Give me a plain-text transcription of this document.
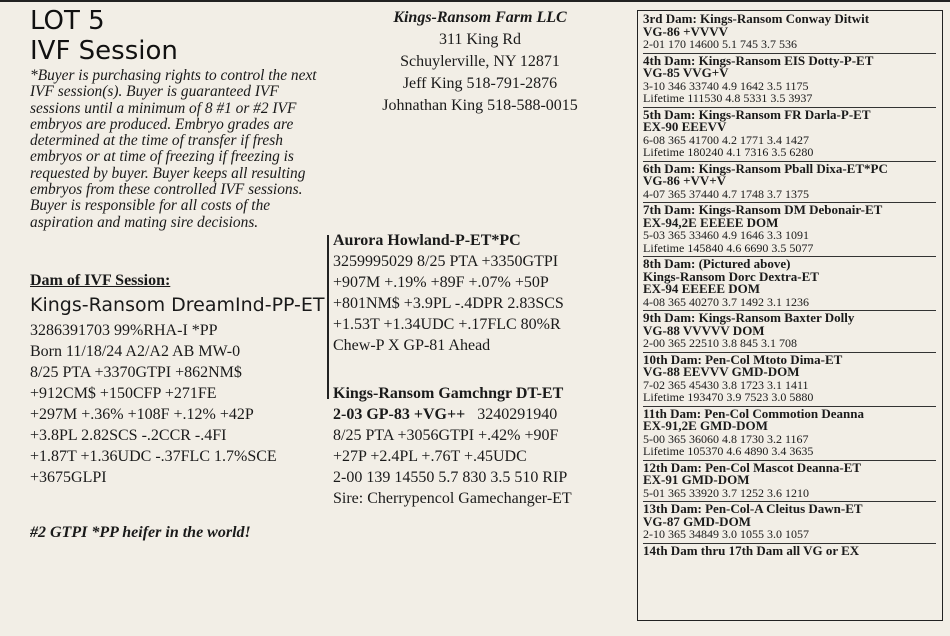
LOT 5
IVF Session
*Buyer is purchasing rights to control the next IVF session(s). Buyer is guaranteed IVF sessions until a minimum of 8 #1 or #2 IVF embryos are produced. Embryo grades are determined at the time of transfer if fresh embryos or at time of freezing if freezing is requested by buyer. Buyer keeps all resulting embryos from these controlled IVF sessions. Buyer is responsible for all costs of the aspiration and mating sire decisions.
Dam of IVF Session:
Kings-Ransom DreamInd-PP-ET
3286391703 99%RHA-I *PP
Born 11/18/24 A2/A2 AB MW-0
8/25 PTA +3370GTPI +862NM$
+912CM$ +150CFP +271FE
+297M +.36% +108F +.12% +42P
+3.8PL 2.82SCS -.2CCR -.4FI
+1.87T +1.36UDC -.37FLC 1.7%SCE
+3675GLPI
#2 GTPI *PP heifer in the world!
Kings-Ransom Farm LLC
311 King Rd
Schuylerville, NY 12871
Jeff King 518-791-2876
Johnathan King 518-588-0015
Aurora Howland-P-ET*PC
3259995029 8/25 PTA +3350GTPI
+907M +.19% +89F +.07% +50P
+801NM$ +3.9PL -.4DPR 2.83SCS
+1.53T +1.34UDC +.17FLC 80%R
Chew-P X GP-81 Ahead
Kings-Ransom Gamchngr DT-ET
2-03 GP-83 +VG++ 3240291940
8/25 PTA +3056GTPI +.42% +90F
+27P +2.4PL +.76T +.45UDC
2-00 139 14550 5.7 830 3.5 510 RIP
Sire: Cherrypencol Gamechanger-ET
3rd Dam: Kings-Ransom Conway Ditwit
VG-86 +VVVV
2-01 170 14600 5.1 745 3.7 536
4th Dam: Kings-Ransom EIS Dotty-P-ET
VG-85 VVG+V
3-10 346 33740 4.9 1642 3.5 1175
Lifetime 111530 4.8 5331 3.5 3937
5th Dam: Kings-Ransom FR Darla-P-ET
EX-90 EEEVV
6-08 365 41700 4.2 1771 3.4 1427
Lifetime 180240 4.1 7316 3.5 6280
6th Dam: Kings-Ransom Pball Dixa-ET*PC
VG-86 +VV+V
4-07 365 37440 4.7 1748 3.7 1375
7th Dam: Kings-Ransom DM Debonair-ET
EX-94,2E EEEEE DOM
5-03 365 33460 4.9 1646 3.3 1091
Lifetime 145840 4.6 6690 3.5 5077
8th Dam: (Pictured above)
Kings-Ransom Dorc Dextra-ET
EX-94 EEEEE DOM
4-08 365 40270 3.7 1492 3.1 1236
9th Dam: Kings-Ransom Baxter Dolly
VG-88 VVVVV DOM
2-00 365 22510 3.8 845 3.1 708
10th Dam: Pen-Col Mtoto Dima-ET
VG-88 EEVVV GMD-DOM
7-02 365 45430 3.8 1723 3.1 1411
Lifetime 193470 3.9 7523 3.0 5880
11th Dam: Pen-Col Commotion Deanna
EX-91,2E GMD-DOM
5-00 365 36060 4.8 1730 3.2 1167
Lifetime 105370 4.6 4890 3.4 3635
12th Dam: Pen-Col Mascot Deanna-ET
EX-91 GMD-DOM
5-01 365 33920 3.7 1252 3.6 1210
13th Dam: Pen-Col-A Cleitus Dawn-ET
VG-87 GMD-DOM
2-10 365 34849 3.0 1055 3.0 1057
14th Dam thru 17th Dam all VG or EX
